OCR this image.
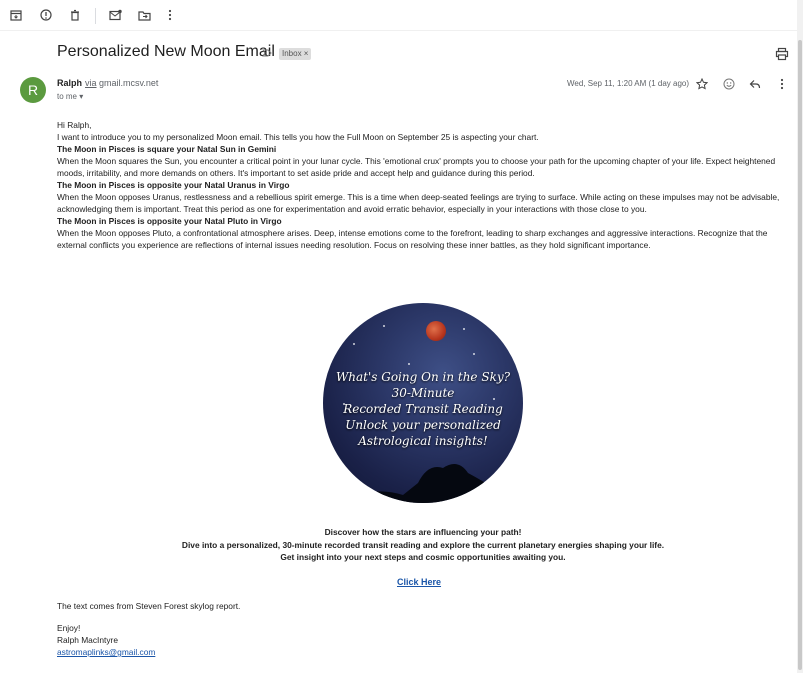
Personalized New Moon Email Inbox ×
R	Ralph via gmail.mcsv.net
to me ▾
Wed, Sep 11, 1:20 AM (1 day ago)

Hi Ralph,

I want to introduce you to my personalized Moon email. This tells you how the Full Moon on September 25 is aspecting your chart.

The Moon in Pisces is square your Natal Sun in Gemini

When the Moon squares the Sun, you encounter a critical point in your lunar cycle. This 'emotional crux' prompts you to choose your path for the upcoming chapter of your life. Expect heightened moods, irritability, and more demands on others. It's important to set aside pride and accept help and guidance during this period.

The Moon in Pisces is opposite your Natal Uranus in Virgo

When the Moon opposes Uranus, restlessness and a rebellious spirit emerge. This is a time when deep-seated feelings are trying to surface. While acting on these impulses may not be advisable, acknowledging them is important. Treat this period as one for experimentation and avoid erratic behavior, especially in your interactions with those close to you.

The Moon in Pisces is opposite your Natal Pluto in Virgo

When the Moon opposes Pluto, a confrontational atmosphere arises. Deep, intense emotions come to the forefront, leading to sharp exchanges and aggressive interactions. Recognize that the external conflicts you experience are reflections of internal issues needing resolution. Focus on resolving these inner battles, as they hold significant importance.

What's Going On in the Sky?
30-Minute
Recorded Transit Reading
Unlock your personalized
Astrological insights!

Discover how the stars are influencing your path!

Dive into a personalized, 30-minute recorded transit reading and explore the current planetary energies shaping your life.

Get insight into your next steps and cosmic opportunities awaiting you.

Click Here

The text comes from Steven Forest skylog report.

Enjoy!

Ralph MacIntyre

astromaplinks@gmail.com
